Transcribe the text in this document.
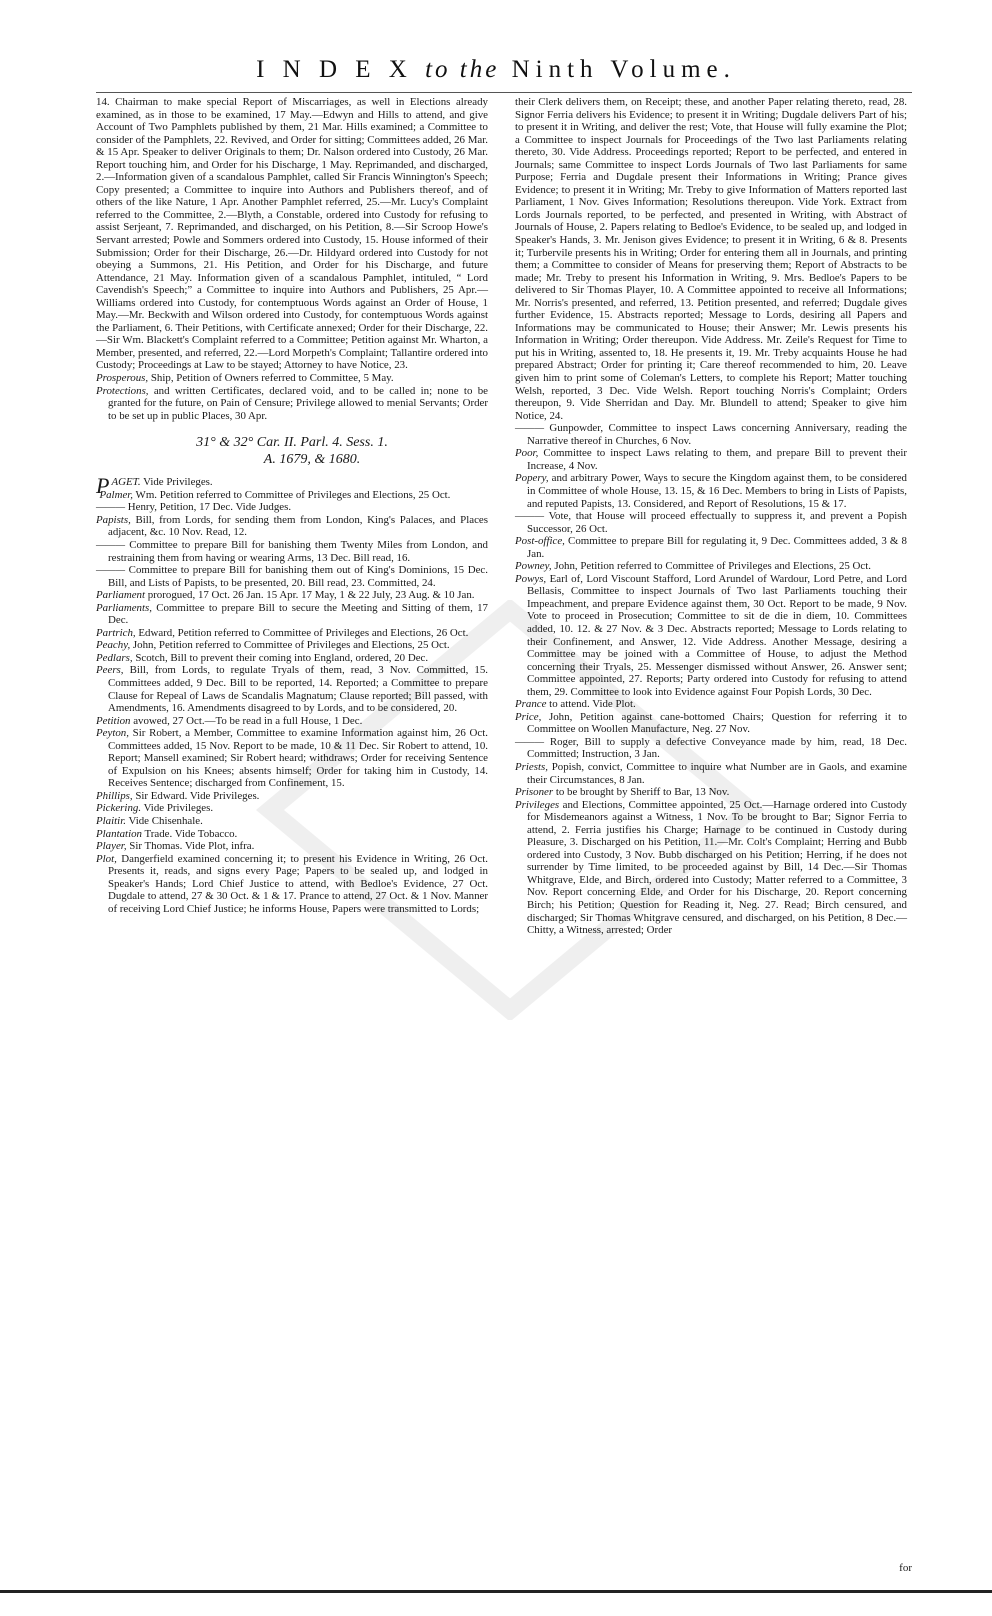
I N D E X to the Ninth Volume.

14. Chairman to make special Report of Miscarriages, as well in Elections already examined, as in those to be examined, 17 May.—Edwyn and Hills to attend, and give Account of Two Pamphlets published by them, 21 Mar. Hills examined; a Committee to consider of the Pamphlets, 22. Revived, and Order for sitting; Committees added, 26 Mar. & 15 Apr. Speaker to deliver Originals to them; Dr. Nalson ordered into Custody, 26 Mar. Report touching him, and Order for his Discharge, 1 May. Reprimanded, and discharged, 2.—Information given of a scandalous Pamphlet, called Sir Francis Winnington's Speech; Copy presented; a Committee to inquire into Authors and Publishers thereof, and of others of the like Nature, 1 Apr. Another Pamphlet referred, 25.—Mr. Lucy's Complaint referred to the Committee, 2.—Blyth, a Constable, ordered into Custody for refusing to assist Serjeant, 7. Reprimanded, and discharged, on his Petition, 8.—Sir Scroop Howe's Servant arrested; Powle and Sommers ordered into Custody, 15. House informed of their Submission; Order for their Discharge, 26.—Dr. Hildyard ordered into Custody for not obeying a Summons, 21. His Petition, and Order for his Discharge, and future Attendance, 21 May. Information given of a scandalous Pamphlet, intituled, “ Lord Cavendish's Speech;” a Committee to inquire into Authors and Publishers, 25 Apr.—Williams ordered into Custody, for contemptuous Words against an Order of House, 1 May.—Mr. Beckwith and Wilson ordered into Custody, for contemptuous Words against the Parliament, 6. Their Petitions, with Certificate annexed; Order for their Discharge, 22.—Sir Wm. Blackett's Complaint referred to a Committee; Petition against Mr. Wharton, a Member, presented, and referred, 22.—Lord Morpeth's Complaint; Tallantire ordered into Custody; Proceedings at Law to be stayed; Attorney to have Notice, 23.

Prosperous, Ship, Petition of Owners referred to Committee, 5 May.

Protections, and written Certificates, declared void, and to be called in; none to be granted for the future, on Pain of Censure; Privilege allowed to menial Servants; Order to be set up in public Places, 30 Apr.

31° & 32° Car. II. Parl. 4. Sess. 1.
A. 1679, & 1680.

PAGET. Vide Privileges.

Palmer, Wm. Petition referred to Committee of Privileges and Elections, 25 Oct.

——— Henry, Petition, 17 Dec. Vide Judges.

Papists, Bill, from Lords, for sending them from London, King's Palaces, and Places adjacent, &c. 10 Nov. Read, 12.

——— Committee to prepare Bill for banishing them Twenty Miles from London, and restraining them from having or wearing Arms, 13 Dec. Bill read, 16.

——— Committee to prepare Bill for banishing them out of King's Dominions, 15 Dec. Bill, and Lists of Papists, to be presented, 20. Bill read, 23. Committed, 24.

Parliament prorogued, 17 Oct. 26 Jan. 15 Apr. 17 May, 1 & 22 July, 23 Aug. & 10 Jan.

Parliaments, Committee to prepare Bill to secure the Meeting and Sitting of them, 17 Dec.

Partrich, Edward, Petition referred to Committee of Privileges and Elections, 26 Oct.

Peachy, John, Petition referred to Committee of Privileges and Elections, 25 Oct.

Pedlars, Scotch, Bill to prevent their coming into England, ordered, 20 Dec.

Peers, Bill, from Lords, to regulate Tryals of them, read, 3 Nov. Committed, 15. Committees added, 9 Dec. Bill to be reported, 14. Reported; a Committee to prepare Clause for Repeal of Laws de Scandalis Magnatum; Clause reported; Bill passed, with Amendments, 16. Amendments disagreed to by Lords, and to be considered, 20.

Petition avowed, 27 Oct.—To be read in a full House, 1 Dec.

Peyton, Sir Robert, a Member, Committee to examine Information against him, 26 Oct. Committees added, 15 Nov. Report to be made, 10 & 11 Dec. Sir Robert to attend, 10. Report; Mansell examined; Sir Robert heard; withdraws; Order for receiving Sentence of Expulsion on his Knees; absents himself; Order for taking him in Custody, 14. Receives Sentence; discharged from Confinement, 15.

Phillips, Sir Edward. Vide Privileges.

Pickering. Vide Privileges.

Plaitir. Vide Chisenhale.

Plantation Trade. Vide Tobacco.

Player, Sir Thomas. Vide Plot, infra.

Plot, Dangerfield examined concerning it; to present his Evidence in Writing, 26 Oct. Presents it, reads, and signs every Page; Papers to be sealed up, and lodged in Speaker's Hands; Lord Chief Justice to attend, with Bedloe's Evidence, 27 Oct. Dugdale to attend, 27 & 30 Oct. & 1 & 17. Prance to attend, 27 Oct. & 1 Nov. Manner of receiving Lord Chief Justice; he informs House, Papers were transmitted to Lords;

their Clerk delivers them, on Receipt; these, and another Paper relating thereto, read, 28. Signor Ferria delivers his Evidence; to present it in Writing; Dugdale delivers Part of his; to present it in Writing, and deliver the rest; Vote, that House will fully examine the Plot; a Committee to inspect Journals for Proceedings of the Two last Parliaments relating thereto, 30. Vide Address. Proceedings reported; Report to be perfected, and entered in Journals; same Committee to inspect Lords Journals of Two last Parliaments for same Purpose; Ferria and Dugdale present their Informations in Writing; Prance gives Evidence; to present it in Writing; Mr. Treby to give Information of Matters reported last Parliament, 1 Nov. Gives Information; Resolutions thereupon. Vide York. Extract from Lords Journals reported, to be perfected, and presented in Writing, with Abstract of Journals of House, 2. Papers relating to Bedloe's Evidence, to be sealed up, and lodged in Speaker's Hands, 3. Mr. Jenison gives Evidence; to present it in Writing, 6 & 8. Presents it; Turbervile presents his in Writing; Order for entering them all in Journals, and printing them; a Committee to consider of Means for preserving them; Report of Abstracts to be made; Mr. Treby to present his Information in Writing, 9. Mrs. Bedloe's Papers to be delivered to Sir Thomas Player, 10. A Committee appointed to receive all Informations; Mr. Norris's presented, and referred, 13. Petition presented, and referred; Dugdale gives further Evidence, 15. Abstracts reported; Message to Lords, desiring all Papers and Informations may be communicated to House; their Answer; Mr. Lewis presents his Information in Writing; Order thereupon. Vide Address. Mr. Zeile's Request for Time to put his in Writing, assented to, 18. He presents it, 19. Mr. Treby acquaints House he had prepared Abstract; Order for printing it; Care thereof recommended to him, 20. Leave given him to print some of Coleman's Letters, to complete his Report; Matter touching Welsh, reported, 3 Dec. Vide Welsh. Report touching Norris's Complaint; Orders thereupon, 9. Vide Sherridan and Day. Mr. Blundell to attend; Speaker to give him Notice, 24.

——— Gunpowder, Committee to inspect Laws concerning Anniversary, reading the Narrative thereof in Churches, 6 Nov.

Poor, Committee to inspect Laws relating to them, and prepare Bill to prevent their Increase, 4 Nov.

Popery, and arbitrary Power, Ways to secure the Kingdom against them, to be considered in Committee of whole House, 13. 15, & 16 Dec. Members to bring in Lists of Papists, and reputed Papists, 13. Considered, and Report of Resolutions, 15 & 17.

——— Vote, that House will proceed effectually to suppress it, and prevent a Popish Successor, 26 Oct.

Post-office, Committee to prepare Bill for regulating it, 9 Dec. Committees added, 3 & 8 Jan.

Powney, John, Petition referred to Committee of Privileges and Elections, 25 Oct.

Powys, Earl of, Lord Viscount Stafford, Lord Arundel of Wardour, Lord Petre, and Lord Bellasis, Committee to inspect Journals of Two last Parliaments touching their Impeachment, and prepare Evidence against them, 30 Oct. Report to be made, 9 Nov. Vote to proceed in Prosecution; Committee to sit de die in diem, 10. Committees added, 10. 12. & 27 Nov. & 3 Dec. Abstracts reported; Message to Lords relating to their Confinement, and Answer, 12. Vide Address. Another Message, desiring a Committee may be joined with a Committee of House, to adjust the Method concerning their Tryals, 25. Messenger dismissed without Answer, 26. Answer sent; Committee appointed, 27. Reports; Party ordered into Custody for refusing to attend them, 29. Committee to look into Evidence against Four Popish Lords, 30 Dec.

Prance to attend. Vide Plot.

Price, John, Petition against cane-bottomed Chairs; Question for referring it to Committee on Woollen Manufacture, Neg. 27 Nov.

——— Roger, Bill to supply a defective Conveyance made by him, read, 18 Dec. Committed; Instruction, 3 Jan.

Priests, Popish, convict, Committee to inquire what Number are in Gaols, and examine their Circumstances, 8 Jan.

Prisoner to be brought by Sheriff to Bar, 13 Nov.

Privileges and Elections, Committee appointed, 25 Oct.—Harnage ordered into Custody for Misdemeanors against a Witness, 1 Nov. To be brought to Bar; Signor Ferria to attend, 2. Ferria justifies his Charge; Harnage to be continued in Custody during Pleasure, 3. Discharged on his Petition, 11.—Mr. Colt's Complaint; Herring and Bubb ordered into Custody, 3 Nov. Bubb discharged on his Petition; Herring, if he does not surrender by Time limited, to be proceeded against by Bill, 14 Dec.—Sir Thomas Whitgrave, Elde, and Birch, ordered into Custody; Matter referred to a Committee, 3 Nov. Report concerning Elde, and Order for his Discharge, 20. Report concerning Birch; his Petition; Question for Reading it, Neg. 27. Read; Birch censured, and discharged; Sir Thomas Whitgrave censured, and discharged, on his Petition, 8 Dec.—Chitty, a Witness, arrested; Order

for
